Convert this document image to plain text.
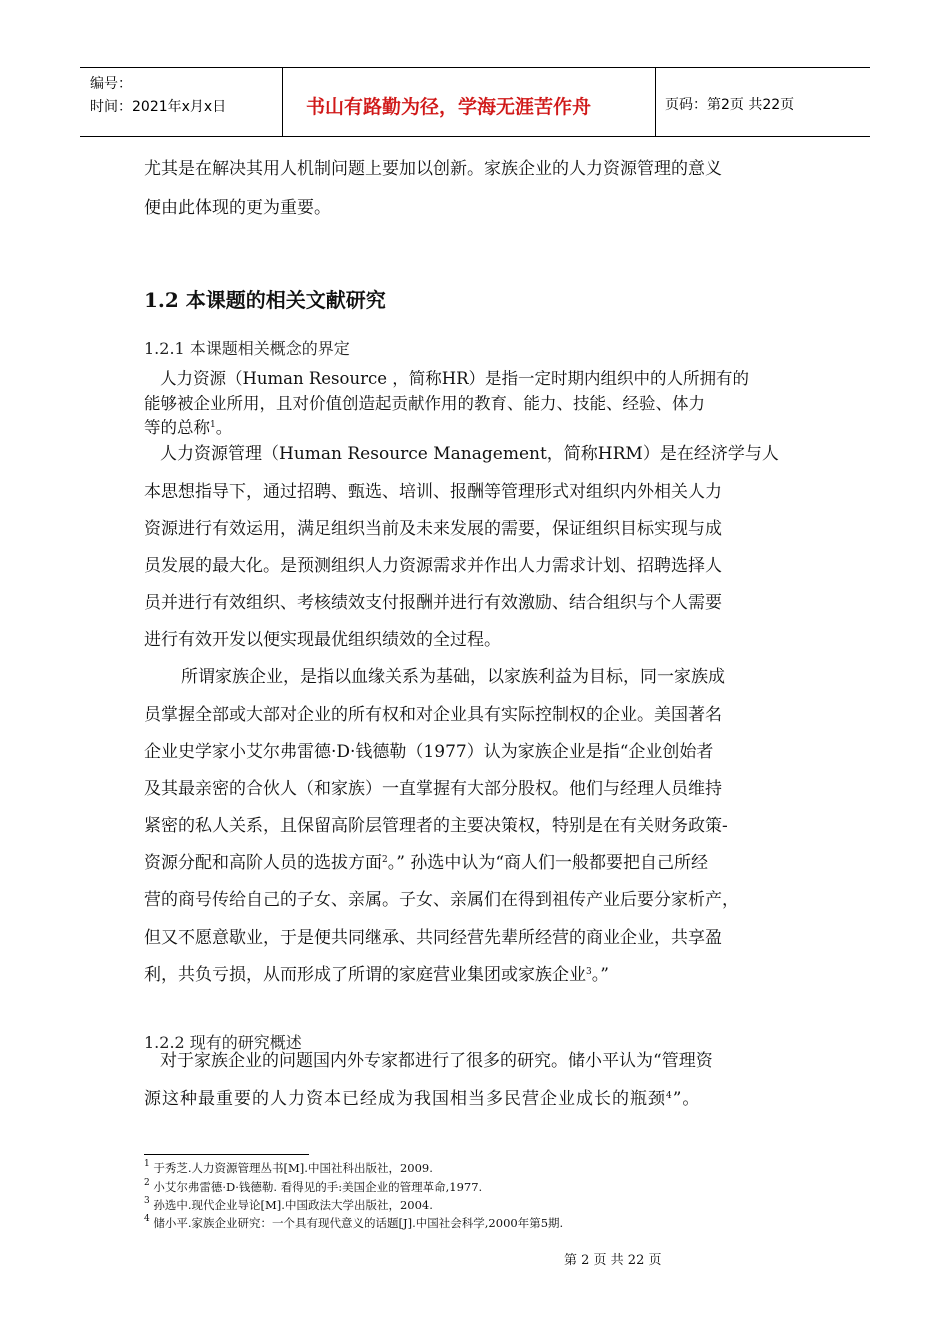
编号：
时间：2021年x月x日	书山有路勤为径，学海无涯苦作舟	页码：第2页 共22页
尤其是在解决其用人机制问题上要加以创新。家族企业的人力资源管理的意义
便由此体现的更为重要。
1.2 本课题的相关文献研究
1.2.1 本课题相关概念的界定
人力资源（Human Resource ，简称HR）是指一定时期内组织中的人所拥有的
能够被企业所用，且对价值创造起贡献作用的教育、能力、技能、经验、体力
等的总称$^1$。
人力资源管理（Human Resource Management，简称HRM）是在经济学与人
本思想指导下，通过招聘、甄选、培训、报酬等管理形式对组织内外相关人力
资源进行有效运用，满足组织当前及未来发展的需要，保证组织目标实现与成
员发展的最大化。是预测组织人力资源需求并作出人力需求计划、招聘选择人
员并进行有效组织、考核绩效支付报酬并进行有效激励、结合组织与个人需要
进行有效开发以便实现最优组织绩效的全过程。
所谓家族企业，是指以血缘关系为基础，以家族利益为目标，同一家族成
员掌握全部或大部对企业的所有权和对企业具有实际控制权的企业。美国著名
企业史学家小艾尔弗雷德·D·钱德勒（1977）认为家族企业是指“企业创始者
及其最亲密的合伙人（和家族）一直掌握有大部分股权。他们与经理人员维持
紧密的私人关系，且保留高阶层管理者的主要决策权，特别是在有关财务政策-
资源分配和高阶人员的选拔方面$^2$。” 孙选中认为“商人们一般都要把自己所经
营的商号传给自己的子女、亲属。子女、亲属们在得到祖传产业后要分家析产，
但又不愿意歇业，于是便共同继承、共同经营先辈所经营的商业企业，共享盈
利，共负亏损，从而形成了所谓的家庭营业集团或家族企业$^3$。”
1.2.2 现有的研究概述
对于家族企业的问题国内外专家都进行了很多的研究。储小平认为“管理资
源这种最重要的人力资本已经成为我国相当多民营企业成长的瓶颈$^4$”。
$^1$ 于秀芝.人力资源管理丛书[M].中国社科出版社，2009.
$^2$ 小艾尔弗雷德·D·钱德勒. 看得见的手:美国企业的管理革命,1977.
$^3$ 孙选中.现代企业导论[M].中国政法大学出版社，2004.
$^4$ 储小平.家族企业研究：一个具有现代意义的话题[J].中国社会科学,2000年第5期.
第 2 页 共 22 页
